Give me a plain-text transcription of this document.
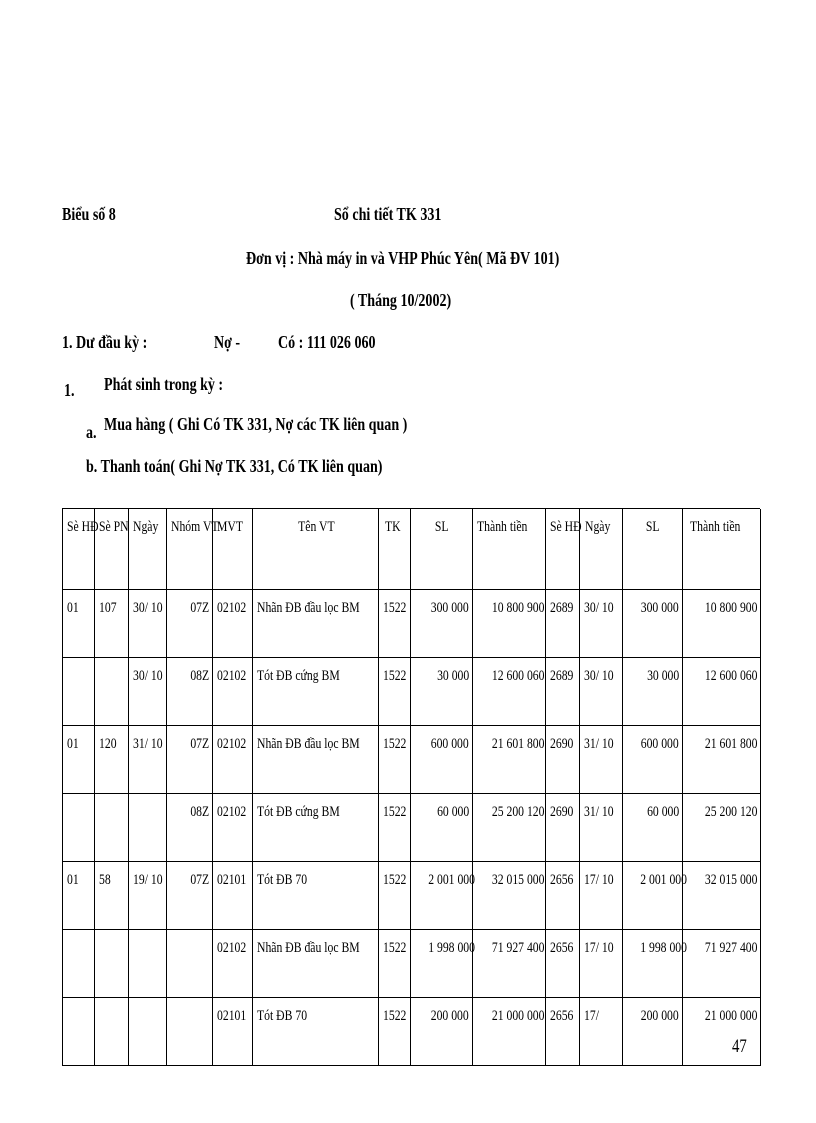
Biểu số 8	Sổ chi tiết TK 331
Đơn vị : Nhà máy in và VHP Phúc Yên( Mã ĐV 101)
( Tháng 10/2002)
1. Dư đầu kỳ :	Nợ -	Có : 111 026 060
1. Phát sinh trong kỳ :
a. Mua hàng ( Ghi Có TK 331, Nợ các TK liên quan )
b. Thanh toán( Ghi Nợ TK 331, Có TK liên quan)
Sè HĐ	Sè PN	Ngày	Nhóm VT	MVT	Tên VT	TK	SL	Thành tiền	Sè HĐ	Ngày	SL	Thành tiền

01	107	30/ 10	07Z	02102	Nhãn ĐB đầu lọc BM	1522	300 000	10 800 900	2689	30/ 10	300 000	10 800 900

		30/ 10	08Z	02102	Tót ĐB cứng BM	1522	30 000	12 600 060	2689	30/ 10	30 000	12 600 060

01	120	31/ 10	07Z	02102	Nhãn ĐB đầu lọc BM	1522	600 000	21 601 800	2690	31/ 10	600 000	21 601 800

			08Z	02102	Tót ĐB cứng BM	1522	60 000	25 200 120	2690	31/ 10	60 000	25 200 120

01	58	19/ 10	07Z	02101	Tót ĐB 70	1522	2 001 000	32 015 000	2656	17/ 10	2 001 000	32 015 000

				02102	Nhãn ĐB đầu lọc BM	1522	1 998 000	71 927 400	2656	17/ 10	1 998 000	71 927 400

				02101	Tót ĐB 70	1522	200 000	21 000 000	2656	17/	200 000	21 000 000
47
